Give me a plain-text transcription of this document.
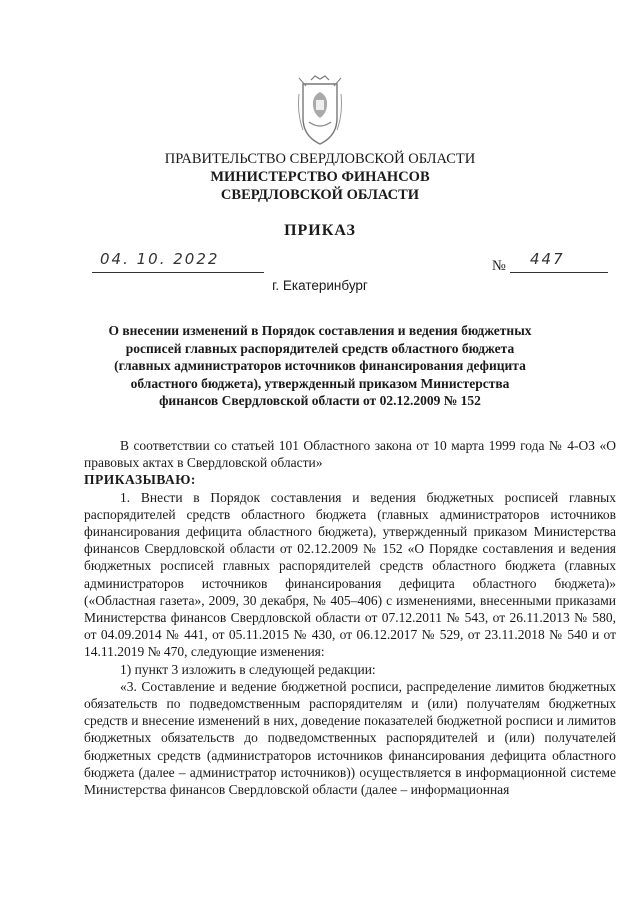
ПРАВИТЕЛЬСТВО СВЕРДЛОВСКОЙ ОБЛАСТИ
МИНИСТЕРСТВО ФИНАНСОВ
СВЕРДЛОВСКОЙ ОБЛАСТИ
ПРИКАЗ
04. 10. 2022	№ 447
г. Екатеринбург
О внесении изменений в Порядок составления и ведения бюджетных росписей главных распорядителей средств областного бюджета (главных администраторов источников финансирования дефицита областного бюджета), утвержденный приказом Министерства финансов Свердловской области от 02.12.2009 № 152

В соответствии со статьей 101 Областного закона от 10 марта 1999 года № 4-ОЗ «О правовых актах в Свердловской области»

ПРИКАЗЫВАЮ:

1. Внести в Порядок составления и ведения бюджетных росписей главных распорядителей средств областного бюджета (главных администраторов источников финансирования дефицита областного бюджета), утвержденный приказом Министерства финансов Свердловской области от 02.12.2009 № 152 «О Порядке составления и ведения бюджетных росписей главных распорядителей средств областного бюджета (главных администраторов источников финансирования дефицита областного бюджета)» («Областная газета», 2009, 30 декабря, № 405–406) с изменениями, внесенными приказами Министерства финансов Свердловской области от 07.12.2011 № 543, от 26.11.2013 № 580, от 04.09.2014 № 441, от 05.11.2015 № 430, от 06.12.2017 № 529, от 23.11.2018 № 540 и от 14.11.2019 № 470, следующие изменения:

1) пункт 3 изложить в следующей редакции:

«3. Составление и ведение бюджетной росписи, распределение лимитов бюджетных обязательств по подведомственным распорядителям и (или) получателям бюджетных средств и внесение изменений в них, доведение показателей бюджетной росписи и лимитов бюджетных обязательств до подведомственных распорядителей и (или) получателей бюджетных средств (администраторов источников финансирования дефицита областного бюджета (далее – администратор источников)) осуществляется в информационной системе Министерства финансов Свердловской области (далее – информационная
